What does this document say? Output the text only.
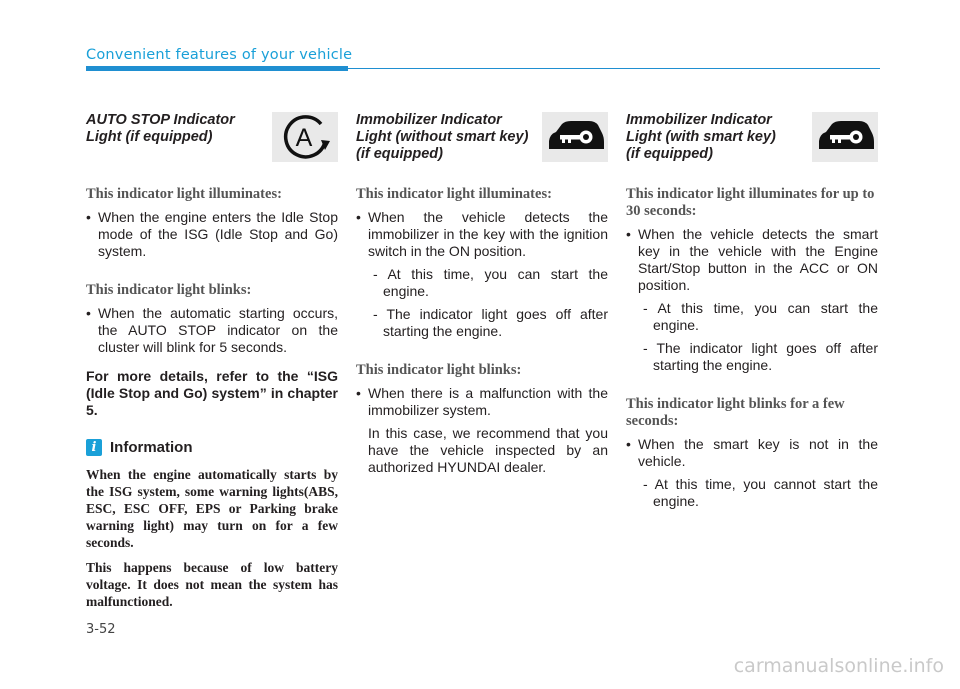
Convenient features of your vehicle
AUTO STOP Indicator
Light (if equipped)	A
This indicator light illuminates:
• When the engine enters the Idle Stop mode of the ISG (Idle Stop and Go) system.
This indicator light blinks:
• When the automatic starting occurs, the AUTO STOP indicator on the cluster will blink for 5 seconds.
For more details, refer to the “ISG (Idle Stop and Go) system” in chapter 5.
i Information
When the engine automatically starts by the ISG system, some warning lights(ABS, ESC, ESC OFF, EPS or Parking brake warning light) may turn on for a few seconds.
This happens because of low battery voltage. It does not mean the system has malfunctioned.
Immobilizer Indicator
Light (without smart key)
(if equipped)
This indicator light illuminates:
• When the vehicle detects the immobilizer in the key with the ignition switch in the ON position.
- At this time, you can start the engine.
- The indicator light goes off after starting the engine.
This indicator light blinks:
• When there is a malfunction with the immobilizer system.
In this case, we recommend that you have the vehicle inspected by an authorized HYUNDAI dealer.
Immobilizer Indicator
Light (with smart key)
(if equipped)
This indicator light illuminates for up to 30 seconds:
• When the vehicle detects the smart key in the vehicle with the Engine Start/Stop button in the ACC or ON position.
- At this time, you can start the engine.
- The indicator light goes off after starting the engine.
This indicator light blinks for a few seconds:
• When the smart key is not in the vehicle.
- At this time, you cannot start the engine.
3-52
carmanualsonline.info
